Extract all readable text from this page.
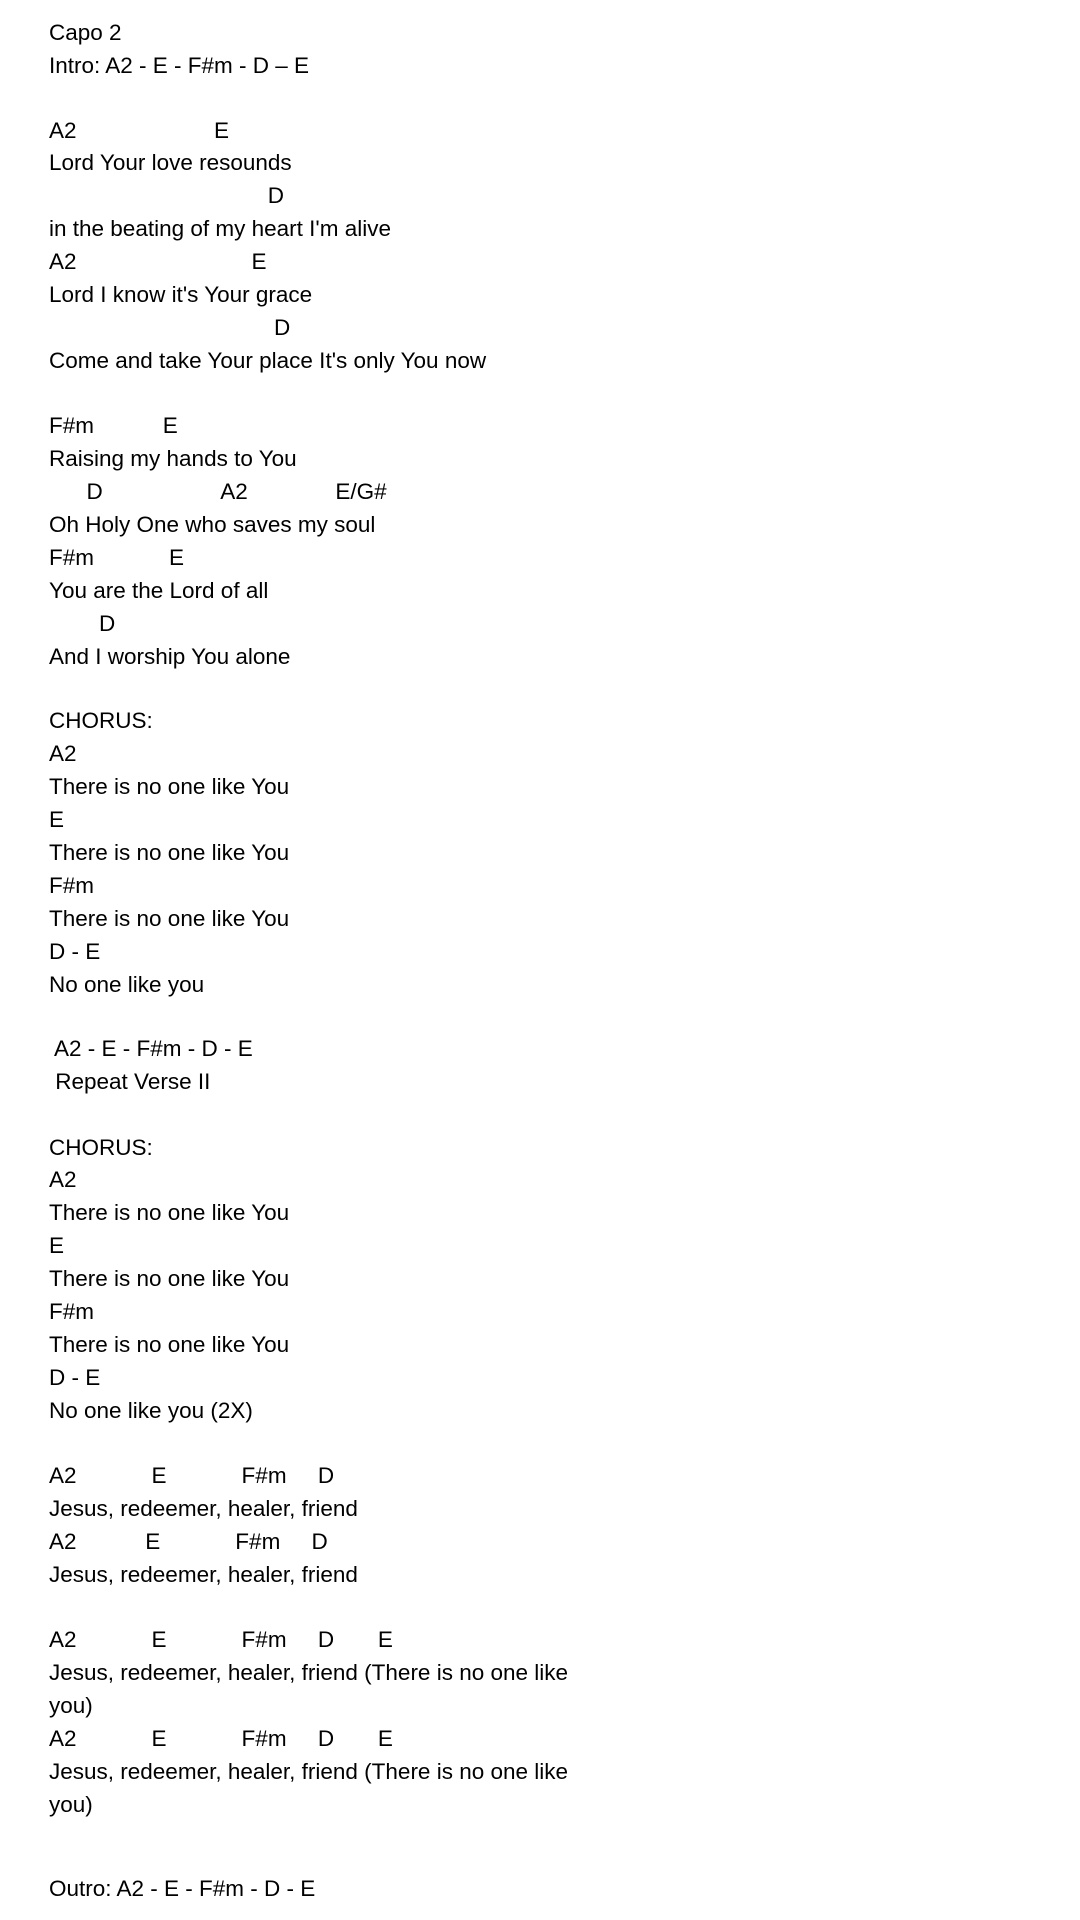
Capo 2

Intro: A2 - E - F#m - D – E

A2                      E

Lord Your love resounds

D

in the beating of my heart I'm alive

A2                            E

Lord I know it's Your grace

D

Come and take Your place It's only You now

F#m           E

Raising my hands to You

D                   A2              E/G#

Oh Holy One who saves my soul

F#m            E

You are the Lord of all

D

And I worship You alone

CHORUS:

A2

There is no one like You

E

There is no one like You

F#m

There is no one like You

D - E

No one like you

A2 - E - F#m - D - E

Repeat Verse II

CHORUS:

A2

There is no one like You

E

There is no one like You

F#m

There is no one like You

D - E

No one like you (2X)

A2            E            F#m     D

Jesus, redeemer, healer, friend

A2           E            F#m     D

Jesus, redeemer, healer, friend

A2            E            F#m     D       E

Jesus, redeemer, healer, friend (There is no one like

you)

A2            E            F#m     D       E

Jesus, redeemer, healer, friend (There is no one like

you)

Outro: A2 - E - F#m - D - E
